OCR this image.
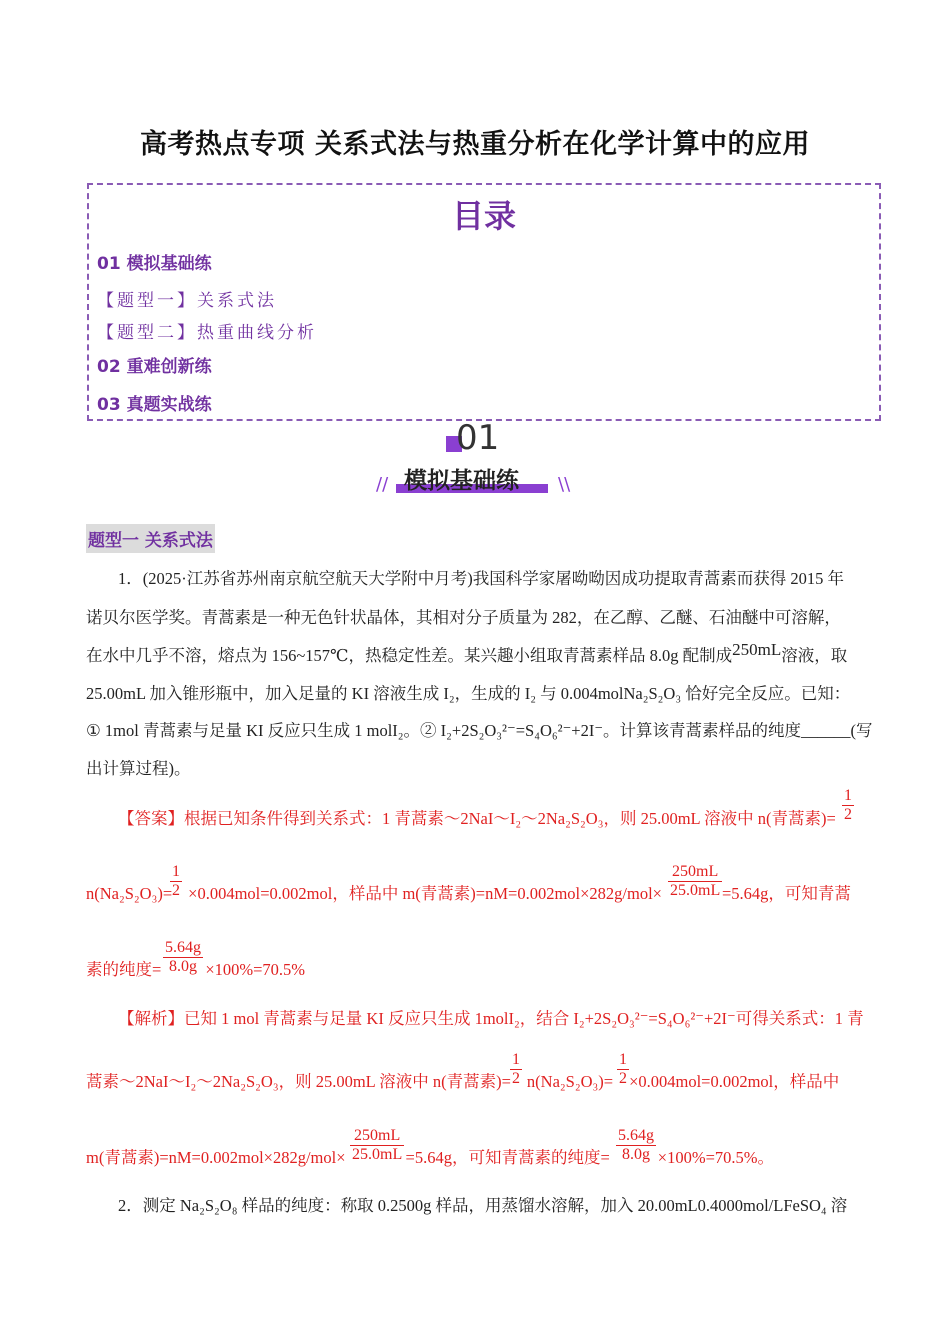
高考热点专项 关系式法与热重分析在化学计算中的应用
目录
01 模拟基础练
【题型一】关系式法
【题型二】热重曲线分析
02 重难创新练
03 真题实战练
01
模拟基础练
//	\\
题型一 关系式法
1．(2025·江苏省苏州南京航空航天大学附中月考)我国科学家屠呦呦因成功提取青蒿素而获得 2015 年
诺贝尔医学奖。青蒿素是一种无色针状晶体，其相对分子质量为 282，在乙醇、乙醚、石油醚中可溶解，
在水中几乎不溶，熔点为 156~157℃，热稳定性差。某兴趣小组取青蒿素样品 8.0g 配制成250mL溶液，取
25.00mL 加入锥形瓶中，加入足量的 KI 溶液生成 I₂，生成的 I₂ 与 0.004molNa₂S₂O₃ 恰好完全反应。已知：
① 1mol 青蒿素与足量 KI 反应只生成 1 molI₂。② I₂+2S₂O₃²⁻=S₄O₆²⁻+2I⁻。计算该青蒿素样品的纯度______(写
出计算过程)。
【答案】根据已知条件得到关系式：1 青蒿素～2NaI～I₂～2Na₂S₂O₃，则 25.00mL 溶液中 n(青蒿素)=
1
2
n(Na₂S₂O₃)= ×0.004mol=0.002mol，样品中 m(青蒿素)=nM=0.002mol×282g/mol×	=5.64g，可知青蒿
1
2
250mL
25.0mL
素的纯度=	×100%=70.5%
5.64g
8.0g
【解析】已知 1 mol 青蒿素与足量 KI 反应只生成 1molI₂，结合 I₂+2S₂O₃²⁻=S₄O₆²⁻+2I⁻可得关系式：1 青
蒿素～2NaI～I₂～2Na₂S₂O₃，则 25.00mL 溶液中 n(青蒿素)= n(Na₂S₂O₃)= ×0.004mol=0.002mol，样品中
1
2
1
2
m(青蒿素)=nM=0.002mol×282g/mol×	=5.64g，可知青蒿素的纯度=	×100%=70.5%。
250mL
25.0mL
5.64g
8.0g
2．测定 Na₂S₂O₈ 样品的纯度：称取 0.2500g 样品，用蒸馏水溶解，加入 20.00mL0.4000mol/LFeSO₄ 溶
